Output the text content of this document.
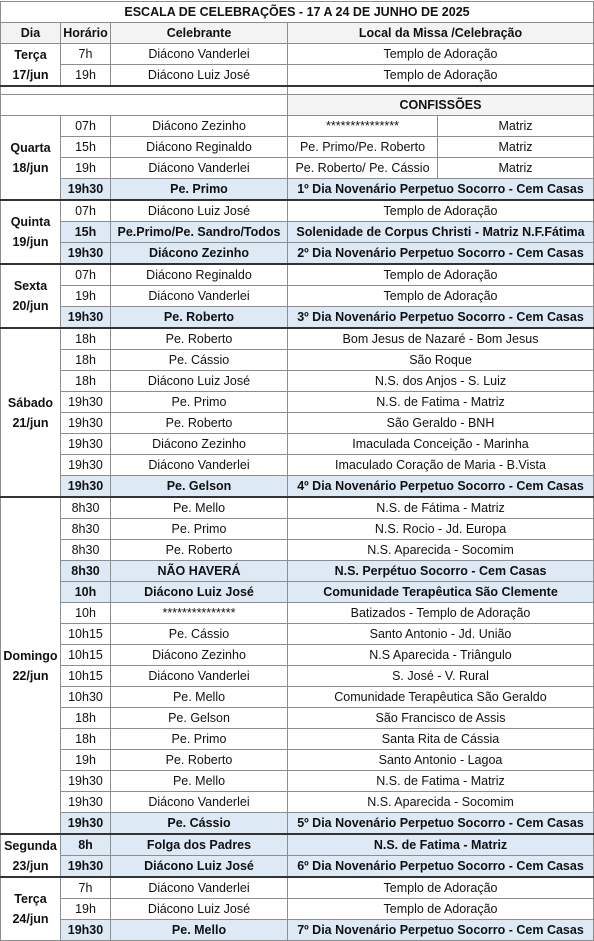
ESCALA DE CELEBRAÇÕES - 17 A 24 DE JUNHO DE 2025				
Dia	Horário	Celebrante	Local da Missa /Celebração	

Terça
17/jun	7h	Diácono Vanderlei	Templo de Adoração	
	19h	Diácono Luiz José	Templo de Adoração	

			CONFISSÕES	

Quarta
18/jun	07h	Diácono Zezinho	***************	Matriz
	15h	Diácono Reginaldo	Pe. Primo/Pe. Roberto	Matriz
	19h	Diácono Vanderlei	Pe. Roberto/ Pe. Cássio	Matriz
	19h30	Pe. Primo	1º Dia Novenário Perpetuo Socorro - Cem Casas	

Quinta
19/jun	07h	Diácono Luiz José	Templo de Adoração	
	15h	Pe.Primo/Pe. Sandro/Todos	Solenidade de Corpus Christi - Matriz N.F.Fátima	
	19h30	Diácono Zezinho	2º Dia Novenário Perpetuo Socorro - Cem Casas	

Sexta
20/jun	07h	Diácono Reginaldo	Templo de Adoração	
	19h	Diácono Vanderlei	Templo de Adoração	
	19h30	Pe. Roberto	3º Dia Novenário Perpetuo Socorro - Cem Casas	

Sábado
21/jun	18h	Pe. Roberto	Bom Jesus de Nazaré - Bom Jesus	
	18h	Pe. Cássio	São Roque	
	18h	Diácono Luiz José	N.S. dos Anjos - S. Luiz	
	19h30	Pe. Primo	N.S. de Fatima - Matriz	
	19h30	Pe. Roberto	São Geraldo - BNH	
	19h30	Diácono Zezinho	Imaculada Conceição - Marinha	
	19h30	Diácono Vanderlei	Imaculado Coração de Maria - B.Vista	
	19h30	Pe. Gelson	4º Dia Novenário Perpetuo Socorro - Cem Casas	

Domingo
22/jun	8h30	Pe. Mello	N.S. de Fátima - Matriz	
	8h30	Pe. Primo	N.S. Rocio - Jd. Europa	
	8h30	Pe. Roberto	N.S. Aparecida - Socomim	
	8h30	NÃO HAVERÁ	N.S. Perpétuo Socorro - Cem Casas	
	10h	Diácono Luiz José	Comunidade Terapêutica São Clemente	
	10h	***************	Batizados - Templo de Adoração	
	10h15	Pe. Cássio	Santo Antonio - Jd. União	
	10h15	Diácono Zezinho	N.S Aparecida - Triângulo	
	10h15	Diácono Vanderlei	S. José - V. Rural	
	10h30	Pe. Mello	Comunidade Terapêutica São Geraldo	
	18h	Pe. Gelson	São Francisco de Assis	
	18h	Pe. Primo	Santa Rita de Cássia	
	19h	Pe. Roberto	Santo Antonio - Lagoa	
	19h30	Pe. Mello	N.S. de Fatima - Matriz	
	19h30	Diácono Vanderlei	N.S. Aparecida - Socomim	
	19h30	Pe. Cássio	5º Dia Novenário Perpetuo Socorro - Cem Casas	

Segunda
23/jun	8h	Folga dos Padres	N.S. de Fatima - Matriz	
	19h30	Diácono Luiz José	6º Dia Novenário Perpetuo Socorro - Cem Casas	

Terça
24/jun	7h	Diácono Vanderlei	Templo de Adoração	
	19h	Diácono Luiz José	Templo de Adoração	
	19h30	Pe. Mello	7º Dia Novenário Perpetuo Socorro - Cem Casas	
